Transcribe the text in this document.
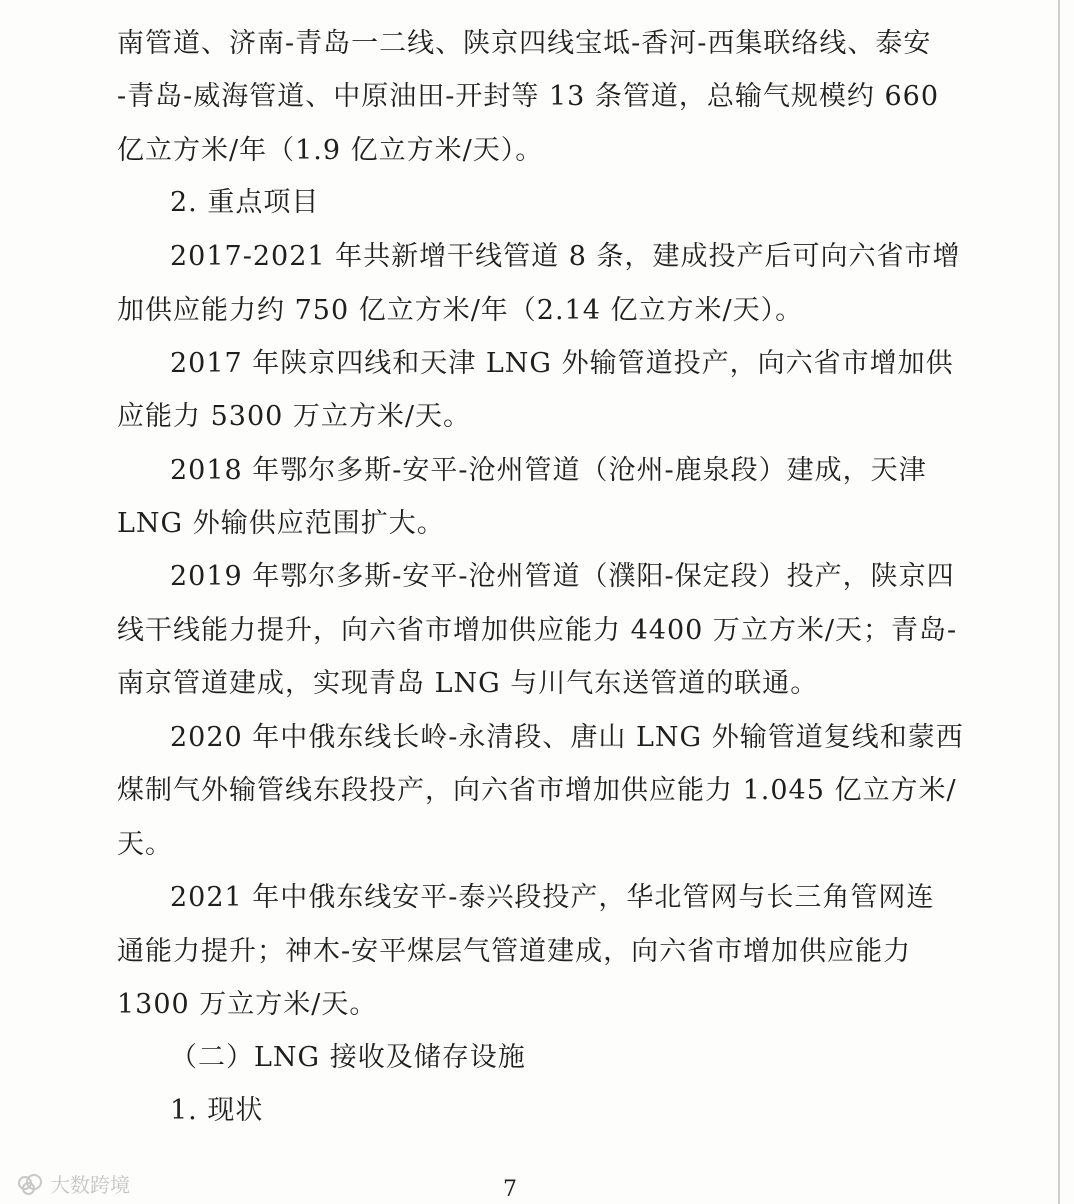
南管道、济南-青岛一二线、陕京四线宝坻-香河-西集联络线、泰安
-青岛-威海管道、中原油田-开封等 13 条管道，总输气规模约 660
亿立方米/年（1.9 亿立方米/天）。
2. 重点项目
2017-2021 年共新增干线管道 8 条，建成投产后可向六省市增
加供应能力约 750 亿立方米/年（2.14 亿立方米/天）。
2017 年陕京四线和天津 LNG 外输管道投产，向六省市增加供
应能力 5300 万立方米/天。
2018 年鄂尔多斯-安平-沧州管道（沧州-鹿泉段）建成，天津
LNG 外输供应范围扩大。
2019 年鄂尔多斯-安平-沧州管道（濮阳-保定段）投产，陕京四
线干线能力提升，向六省市增加供应能力 4400 万立方米/天；青岛-
南京管道建成，实现青岛 LNG 与川气东送管道的联通。
2020 年中俄东线长岭-永清段、唐山 LNG 外输管道复线和蒙西
煤制气外输管线东段投产，向六省市增加供应能力 1.045 亿立方米/
天。
2021 年中俄东线安平-泰兴段投产，华北管网与长三角管网连
通能力提升；神木-安平煤层气管道建成，向六省市增加供应能力
1300 万立方米/天。
（二）LNG 接收及储存设施
1. 现状
7
大数跨境
